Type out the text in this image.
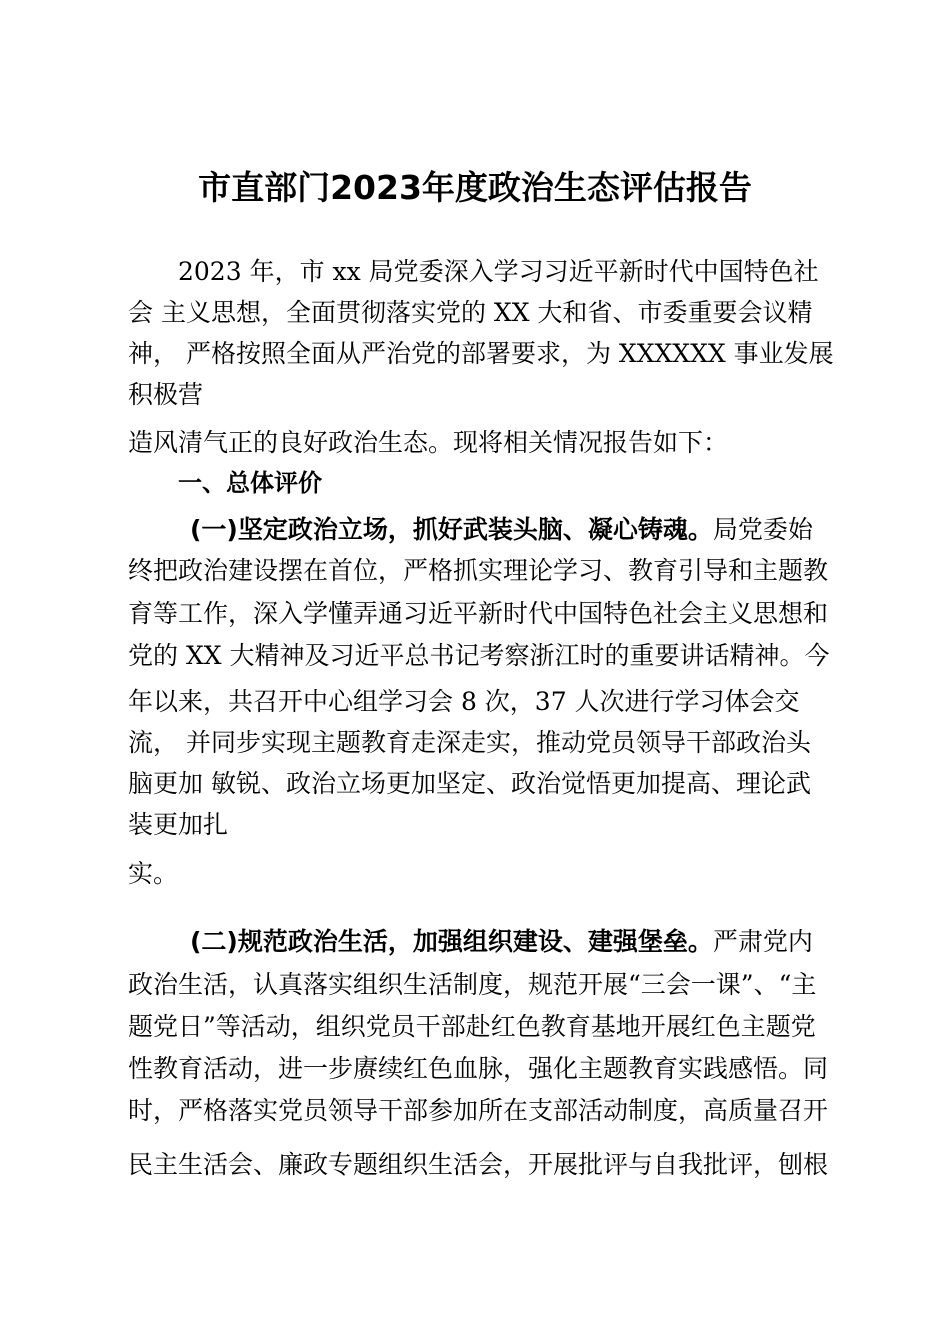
市直部门2023年度政治生态评估报告

2023 年，市 xx 局党委深入学习习近平新时代中国特色社

会 主义思想，全面贯彻落实党的 XX 大和省、市委重要会议精

神， 严格按照全面从严治党的部署要求，为 XXXXXX 事业发展

积极营

造风清气正的良好政治生态。现将相关情况报告如下：

一、总体评价

(一)坚定政治立场，抓好武装头脑、凝心铸魂。局党委始

终把政治建设摆在首位，严格抓实理论学习、教育引导和主题教

育等工作，深入学懂弄通习近平新时代中国特色社会主义思想和

党的 XX 大精神及习近平总书记考察浙江时的重要讲话精神。今

年以来，共召开中心组学习会 8 次，37 人次进行学习体会交

流， 并同步实现主题教育走深走实，推动党员领导干部政治头

脑更加 敏锐、政治立场更加坚定、政治觉悟更加提高、理论武

装更加扎

实。

(二)规范政治生活，加强组织建设、建强堡垒。严肃党内

政治生活，认真落实组织生活制度，规范开展“三会一课”、“主

题党日”等活动，组织党员干部赴红色教育基地开展红色主题党

性教育活动，进一步赓续红色血脉，强化主题教育实践感悟。同

时，严格落实党员领导干部参加所在支部活动制度，高质量召开

民主生活会、廉政专题组织生活会，开展批评与自我批评，刨根
